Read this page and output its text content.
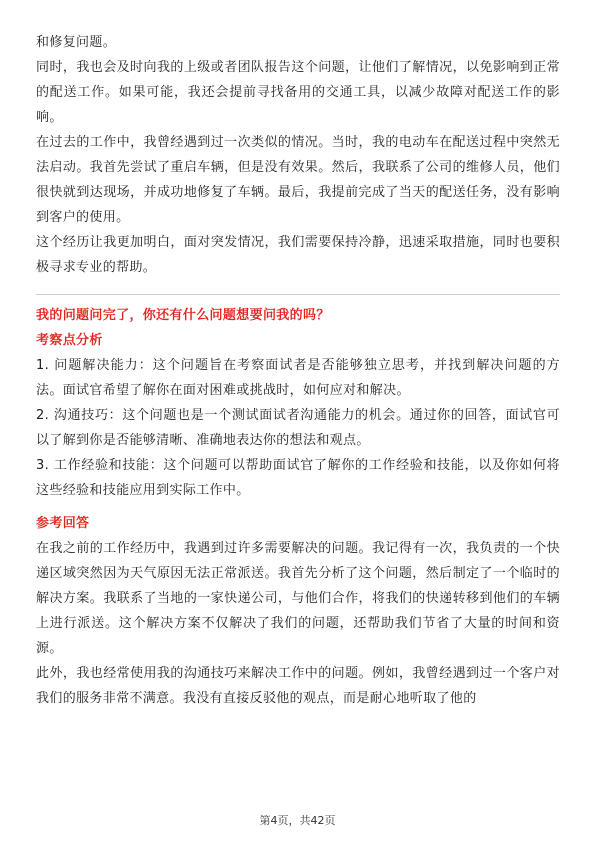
和修复问题。

同时，我也会及时向我的上级或者团队报告这个问题，让他们了解情况，以免影响到正常的配送工作。如果可能，我还会提前寻找备用的交通工具，以减少故障对配送工作的影响。

在过去的工作中，我曾经遇到过一次类似的情况。当时，我的电动车在配送过程中突然无法启动。我首先尝试了重启车辆，但是没有效果。然后，我联系了公司的维修人员，他们很快就到达现场，并成功地修复了车辆。最后，我提前完成了当天的配送任务，没有影响到客户的使用。

这个经历让我更加明白，面对突发情况，我们需要保持冷静，迅速采取措施，同时也要积极寻求专业的帮助。

我的问题问完了，你还有什么问题想要问我的吗？

考察点分析

1. 问题解决能力：这个问题旨在考察面试者是否能够独立思考，并找到解决问题的方法。面试官希望了解你在面对困难或挑战时，如何应对和解决。

2. 沟通技巧：这个问题也是一个测试面试者沟通能力的机会。通过你的回答，面试官可以了解到你是否能够清晰、准确地表达你的想法和观点。

3. 工作经验和技能：这个问题可以帮助面试官了解你的工作经验和技能，以及你如何将这些经验和技能应用到实际工作中。

参考回答

在我之前的工作经历中，我遇到过许多需要解决的问题。我记得有一次，我负责的一个快递区域突然因为天气原因无法正常派送。我首先分析了这个问题，然后制定了一个临时的解决方案。我联系了当地的一家快递公司，与他们合作，将我们的快递转移到他们的车辆上进行派送。这个解决方案不仅解决了我们的问题，还帮助我们节省了大量的时间和资源。

此外，我也经常使用我的沟通技巧来解决工作中的问题。例如，我曾经遇到过一个客户对我们的服务非常不满意。我没有直接反驳他的观点，而是耐心地听取了他的

第4页，共42页
